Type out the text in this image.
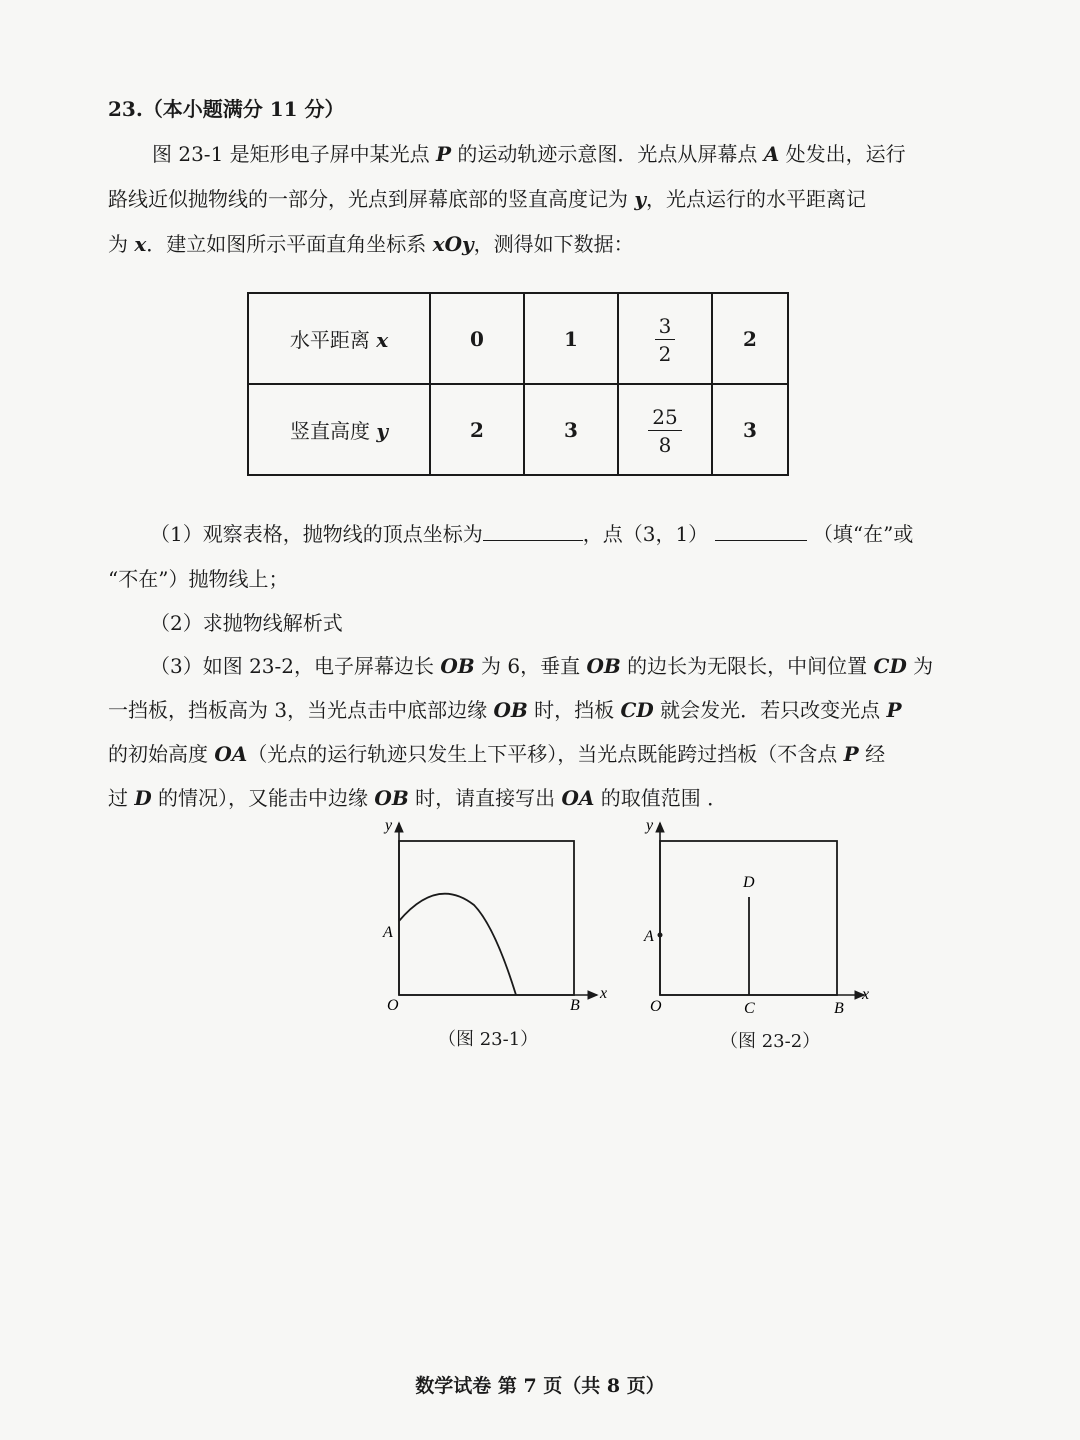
23.（本小题满分 11 分）
图 23-1 是矩形电子屏中某光点 P 的运动轨迹示意图．光点从屏幕点 A 处发出，运行
路线近似抛物线的一部分，光点到屏幕底部的竖直高度记为 y，光点运行的水平距离记
为 x．建立如图所示平面直角坐标系 xOy，测得如下数据：
水平距离 x	0	1	$\frac{3}{2}$	2
竖直高度 y	2	3	$\frac{25}{8}$	3
（1）观察表格，抛物线的顶点坐标为	，点（3，1）	（填“在”或
“不在”）抛物线上；
（2）求抛物线解析式
（3）如图 23-2，电子屏幕边长 OB 为 6，垂直 OB 的边长为无限长，中间位置 CD 为
一挡板，挡板高为 3，当光点击中底部边缘 OB 时，挡板 CD 就会发光．若只改变光点 P
的初始高度 OA（光点的运行轨迹只发生上下平移），当光点既能跨过挡板（不含点 P 经
过 D 的情况），又能击中边缘 OB 时，请直接写出 OA 的取值范围 ．
y
x
O
A
B
（图 23-1）
y
x
O
A
B
C
D
（图 23-2）
数学试卷 第 7 页（共 8 页）
